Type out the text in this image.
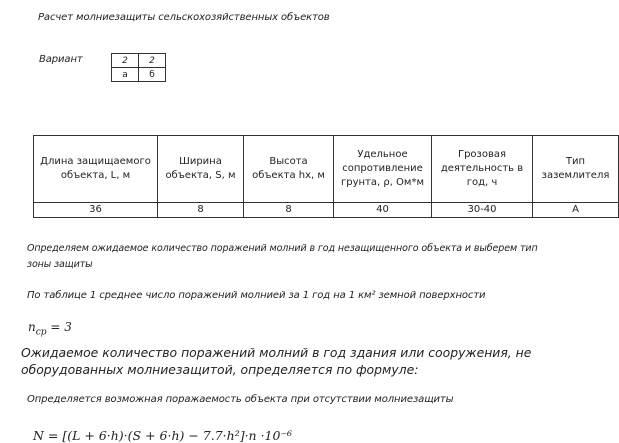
Расчет молниезащиты сельскохозяйственных объектов
Вариант	2	2
а	б
Длина защищаемого объекта, L, м	Ширина объекта, S, м	Высота объекта hx, м	Удельное сопротивление грунта, ρ, Ом*м	Грозовая деятельность в год, ч	Тип заземлителя
36	8	8	40	30-40	А
Определяем ожидаемое количество поражений молний в год незащищенного объекта и выберем тип
зоны защиты
По таблице 1 среднее число поражений молнией за 1 год на 1 км² земной поверхности
$n_{ср} = 3$
Ожидаемое количество поражений молний в год здания или сооружения, не
оборудованных молниезащитой, определяется по формуле:
Определяется возможная поражаемость объекта при отсутствии молниезащиты
N = [(L + 6·h)·(S + 6·h) − 7.7·h²]·n ·10⁻⁶
